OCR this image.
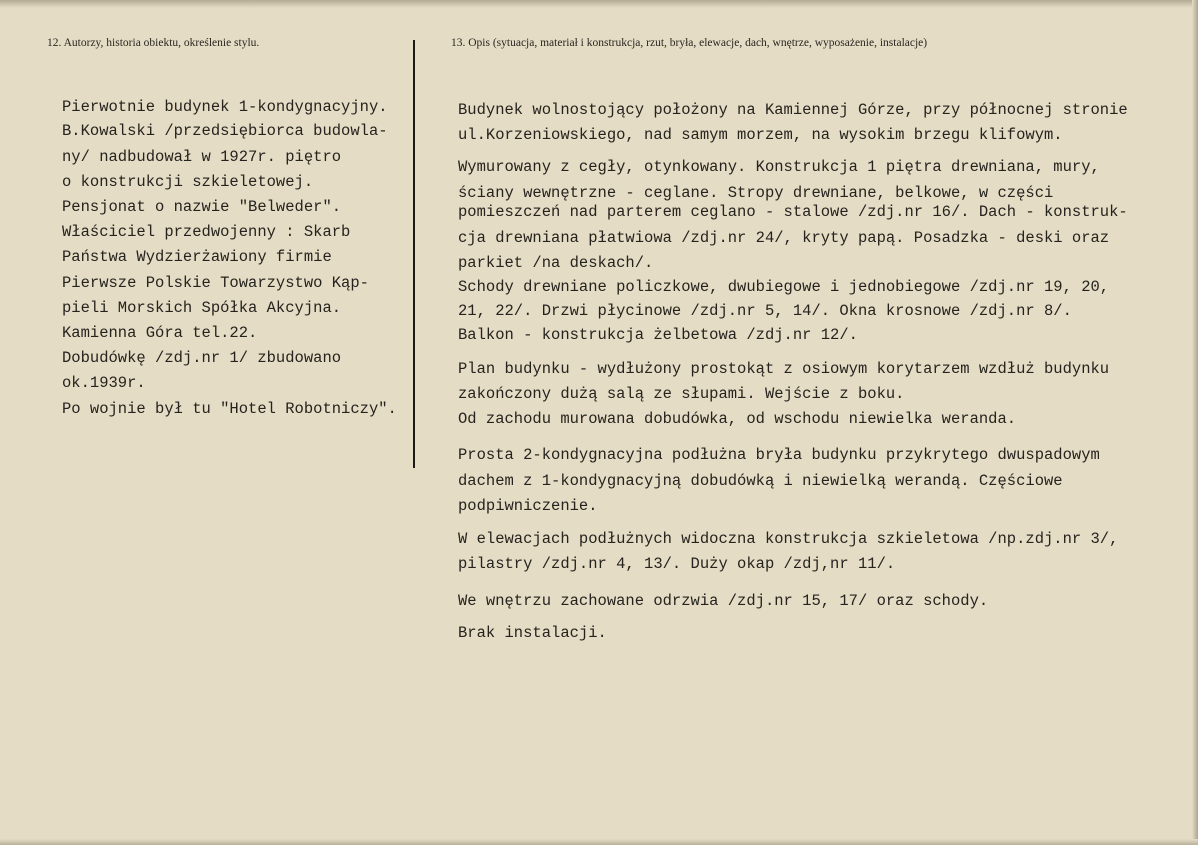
12. Autorzy, historia obiektu, określenie stylu.	13. Opis (sytuacja, materiał i konstrukcja, rzut, bryła, elewacje, dach, wnętrze, wyposażenie, instalacje)
Pierwotnie budynek 1-kondygnacyjny.
B.Kowalski /przedsiębiorca budowla-
ny/ nadbudował w 1927r. piętro
o konstrukcji szkieletowej.
Pensjonat o nazwie "Belweder".
Właściciel przedwojenny : Skarb
Państwa Wydzierżawiony firmie
Pierwsze Polskie Towarzystwo Kąp-
pieli Morskich Spółka Akcyjna.
Kamienna Góra tel.22.
Dobudówkę /zdj.nr 1/ zbudowano
ok.1939r.
Po wojnie był tu "Hotel Robotniczy".
Budynek wolnostojący położony na Kamiennej Górze, przy północnej stronie
ul.Korzeniowskiego, nad samym morzem, na wysokim brzegu klifowym.
Wymurowany z cegły, otynkowany. Konstrukcja 1 piętra drewniana, mury,
ściany wewnętrzne - ceglane. Stropy drewniane, belkowe, w części
pomieszczeń nad parterem ceglano - stalowe /zdj.nr 16/. Dach - konstruk-
cja drewniana płatwiowa /zdj.nr 24/, kryty papą. Posadzka - deski oraz
parkiet /na deskach/.
Schody drewniane policzkowe, dwubiegowe i jednobiegowe /zdj.nr 19, 20,
21, 22/. Drzwi płycinowe /zdj.nr 5, 14/. Okna krosnowe /zdj.nr 8/.
Balkon - konstrukcja żelbetowa /zdj.nr 12/.
Plan budynku - wydłużony prostokąt z osiowym korytarzem wzdłuż budynku
zakończony dużą salą ze słupami. Wejście z boku.
Od zachodu murowana dobudówka, od wschodu niewielka weranda.
Prosta 2-kondygnacyjna podłużna bryła budynku przykrytego dwuspadowym
dachem z 1-kondygnacyjną dobudówką i niewielką werandą. Częściowe
podpiwniczenie.
W elewacjach podłużnych widoczna konstrukcja szkieletowa /np.zdj.nr 3/,
pilastry /zdj.nr 4, 13/. Duży okap /zdj,nr 11/.
We wnętrzu zachowane odrzwia /zdj.nr 15, 17/ oraz schody.
Brak instalacji.
